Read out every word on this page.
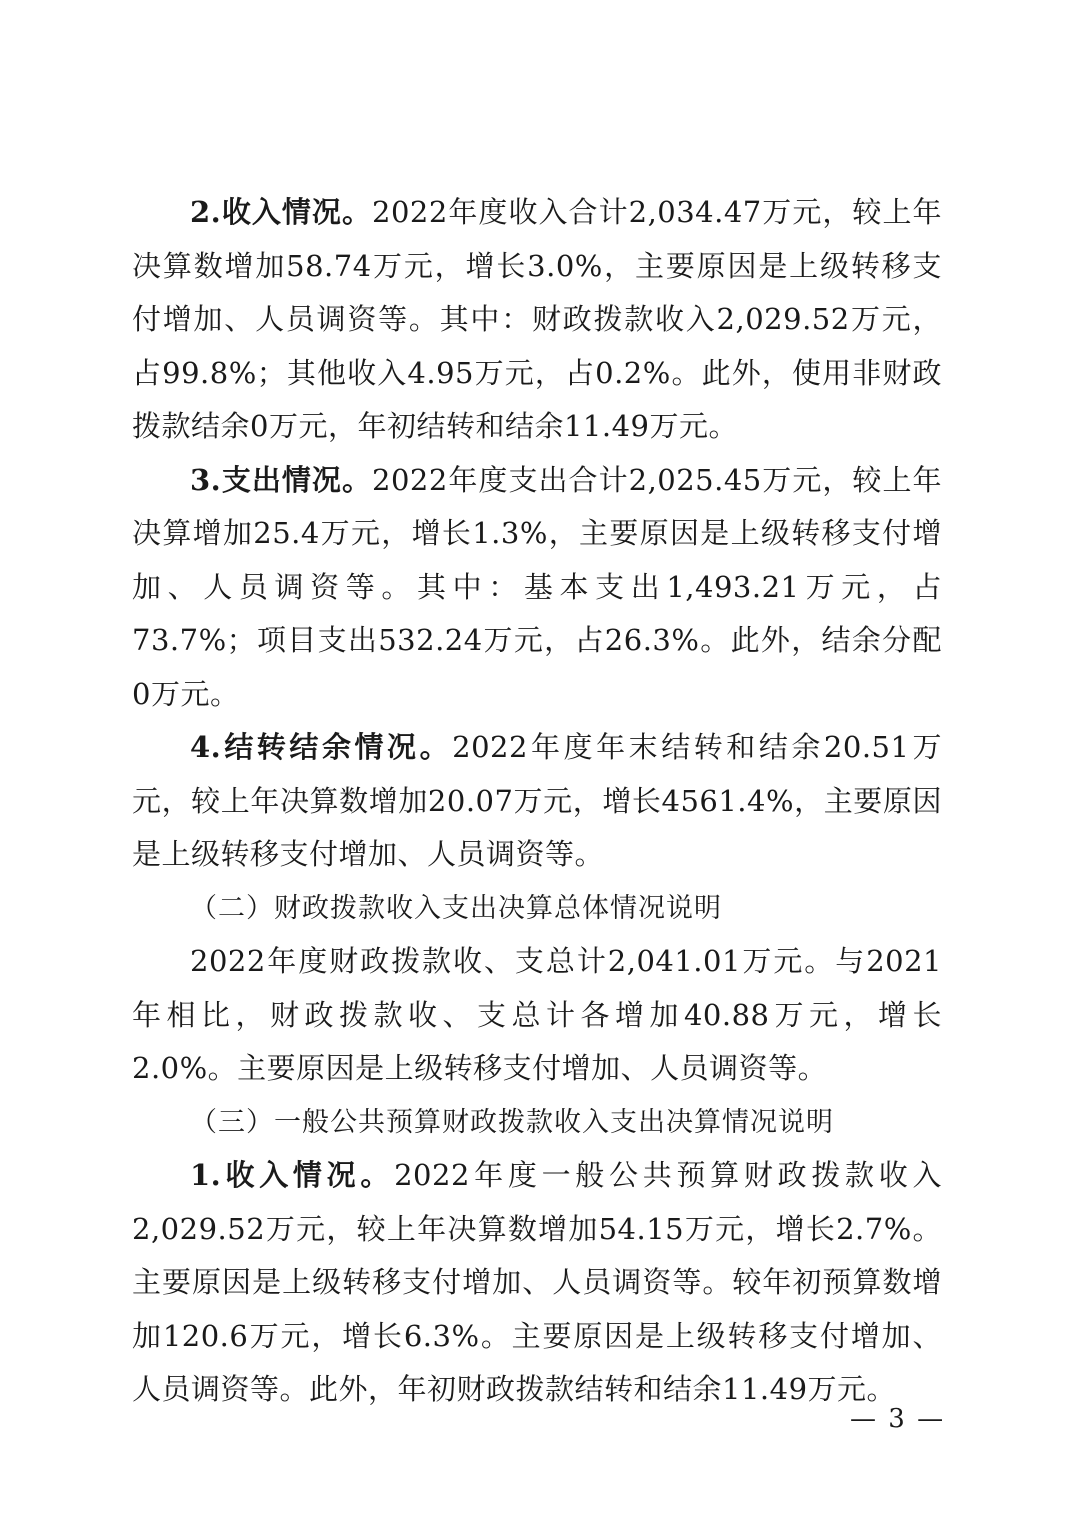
2.收入情况。2022年度收入合计2,034.47万元，较上年决算数增加58.74万元，增长3.0%，主要原因是上级转移支付增加、人员调资等。其中：财政拨款收入2,029.52万元，占99.8%；其他收入4.95万元，占0.2%。此外，使用非财政拨款结余0万元，年初结转和结余11.49万元。

3.支出情况。2022年度支出合计2,025.45万元，较上年决算增加25.4万元，增长1.3%，主要原因是上级转移支付增加、人员调资等。其中：基本支出1,493.21万元，占73.7%；项目支出532.24万元，占26.3%。此外，结余分配0万元。

4.结转结余情况。2022年度年末结转和结余20.51万元，较上年决算数增加20.07万元，增长4561.4%，主要原因是上级转移支付增加、人员调资等。

（二）财政拨款收入支出决算总体情况说明

2022年度财政拨款收、支总计2,041.01万元。与2021年相比，财政拨款收、支总计各增加40.88万元，增长2.0%。主要原因是上级转移支付增加、人员调资等。

（三）一般公共预算财政拨款收入支出决算情况说明

1.收入情况。2022年度一般公共预算财政拨款收入2,029.52万元，较上年决算数增加54.15万元，增长2.7%。主要原因是上级转移支付增加、人员调资等。较年初预算数增加120.6万元，增长6.3%。主要原因是上级转移支付增加、人员调资等。此外，年初财政拨款结转和结余11.49万元。

— 3 —
